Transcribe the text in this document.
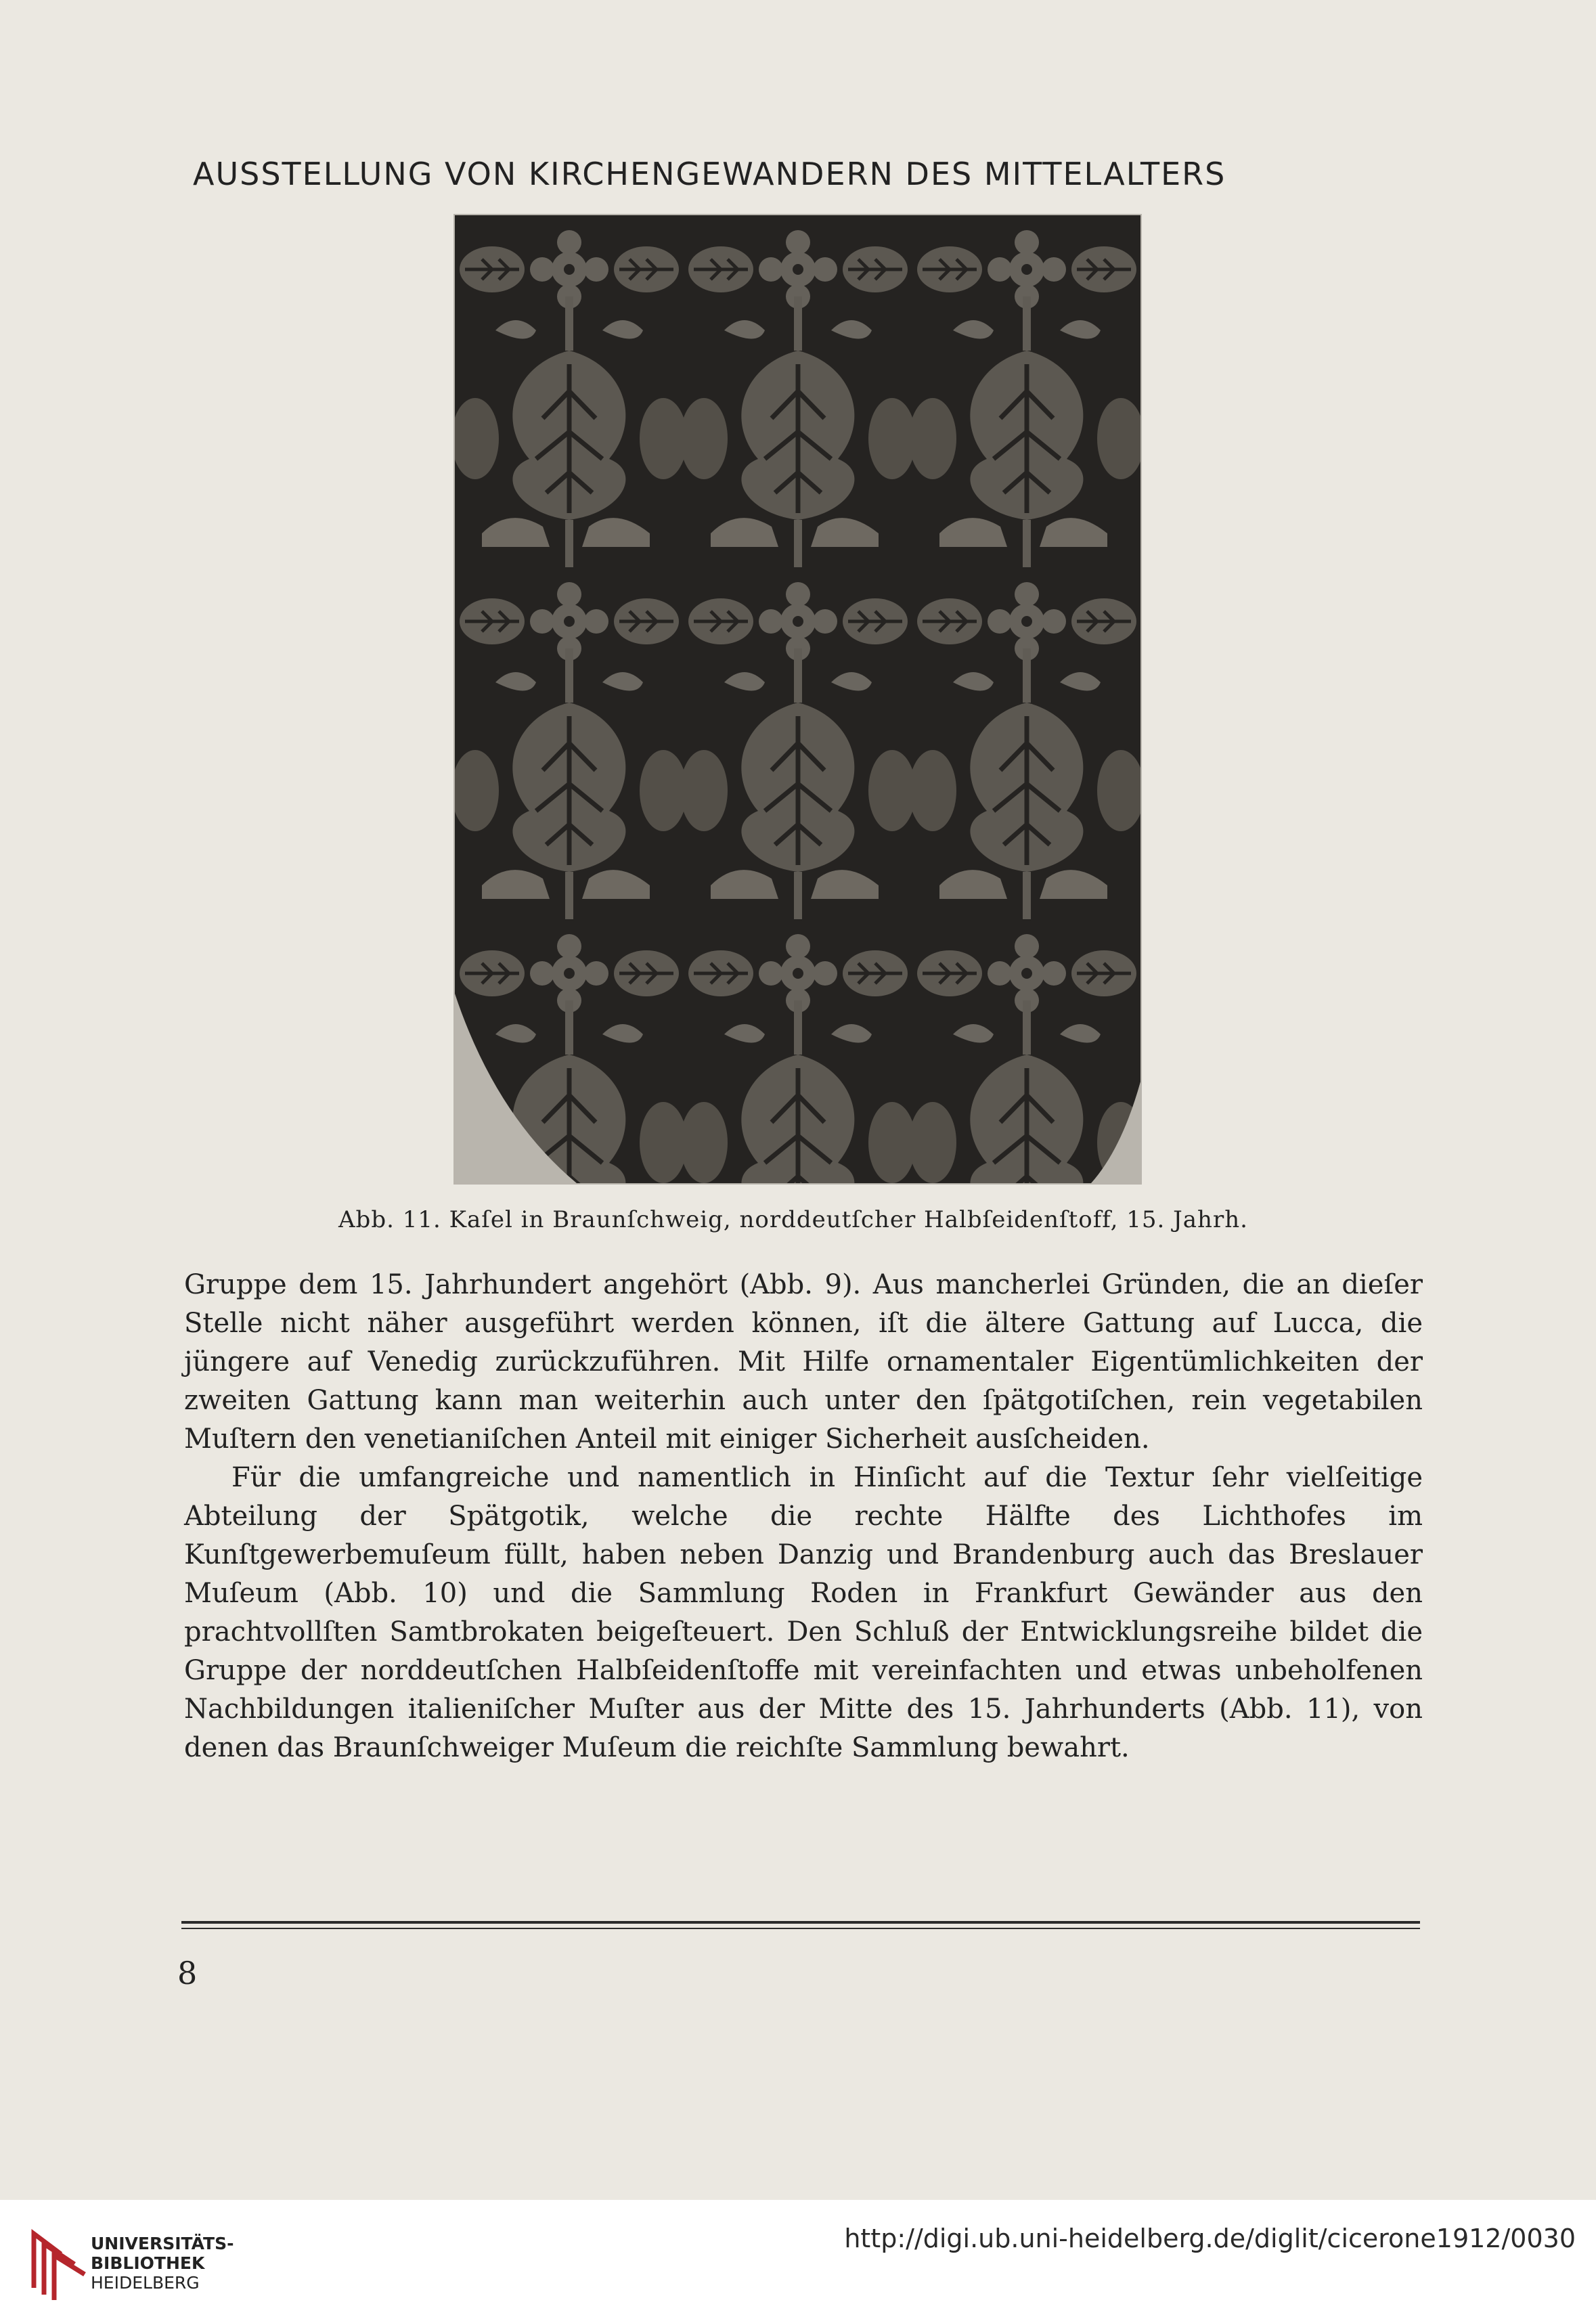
AUSSTELLUNG VON KIRCHENGEWANDERN DES MITTELALTERS
Abb. 11. Kaſel in Braunſchweig, norddeutſcher Halbſeidenſtoff, 15. Jahrh.

Gruppe dem 15. Jahrhundert angehört (Abb. 9). Aus mancherlei Gründen, die an dieſer Stelle nicht näher ausgeführt werden können, iſt die ältere Gattung auf Lucca, die jüngere auf Venedig zurückzuführen. Mit Hilfe ornamentaler Eigentümlichkeiten der zweiten Gattung kann man weiterhin auch unter den ſpätgotiſchen, rein vegetabilen Muſtern den venetianiſchen Anteil mit einiger Sicherheit ausſcheiden.

Für die umfangreiche und namentlich in Hinſicht auf die Textur ſehr vielſeitige Abteilung der Spätgotik, welche die rechte Hälfte des Lichthofes im Kunſtgewerbemuſeum füllt, haben neben Danzig und Brandenburg auch das Breslauer Muſeum (Abb. 10) und die Sammlung Roden in Frankfurt Gewänder aus den prachtvollſten Samtbrokaten beigeſteuert. Den Schluß der Entwicklungsreihe bildet die Gruppe der norddeutſchen Halbſeidenſtoffe mit vereinfachten und etwas unbeholfenen Nachbildungen italieniſcher Muſter aus der Mitte des 15. Jahrhunderts (Abb. 11), von denen das Braunſchweiger Muſeum die reichſte Sammlung bewahrt.

8
UNIVERSITÄTS-
BIBLIOTHEK
HEIDELBERG
http://digi.ub.uni-heidelberg.de/diglit/cicerone1912/0030
